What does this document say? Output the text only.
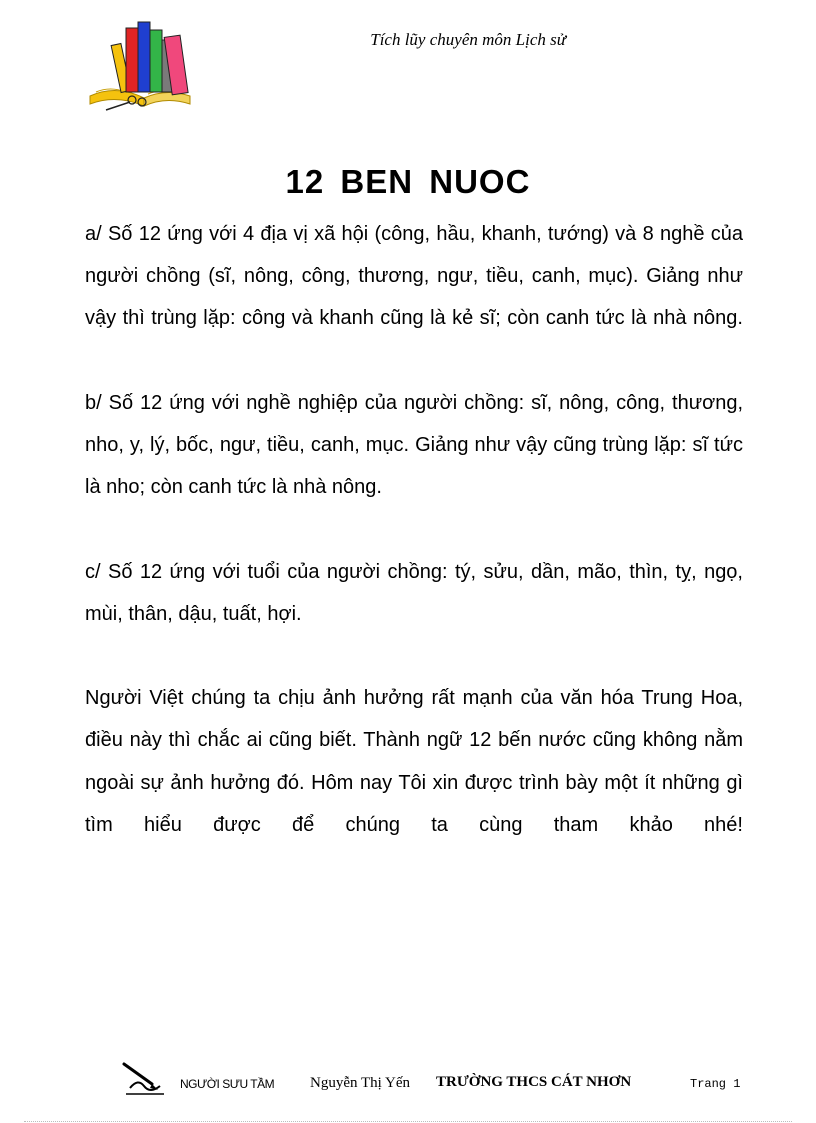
Tích lũy chuyên môn Lịch sử
12 BEN NUOC

a/ Số 12 ứng với 4 địa vị xã hội (công, hầu, khanh, tướng) và 8 nghề của người chồng (sĩ, nông, công, thương, ngư, tiều, canh, mục). Giảng như vậy thì trùng lặp: công và khanh cũng là kẻ sĩ; còn canh tức là nhà nông.

b/ Số 12 ứng với nghề nghiệp của người chồng: sĩ, nông, công, thương, nho, y, lý, bốc, ngư, tiều, canh, mục. Giảng như vậy cũng trùng lặp: sĩ tức là nho; còn canh tức là nhà nông.

c/ Số 12 ứng với tuổi của người chồng: tý, sửu, dần, mão, thìn, tỵ, ngọ, mùi, thân, dậu, tuất, hợi.

Người Việt chúng ta chịu ảnh hưởng rất mạnh của văn hóa Trung Hoa, điều này thì chắc ai cũng biết. Thành ngữ 12 bến nước cũng không nằm ngoài sự ảnh hưởng đó. Hôm nay Tôi xin được trình bày một ít những gì tìm hiểu được để chúng ta cùng tham khảo nhé!

NGƯỜI SƯU TẦM Nguyễn Thị Yến TRƯỜNG THCS CÁT NHƠN	Trang 1
